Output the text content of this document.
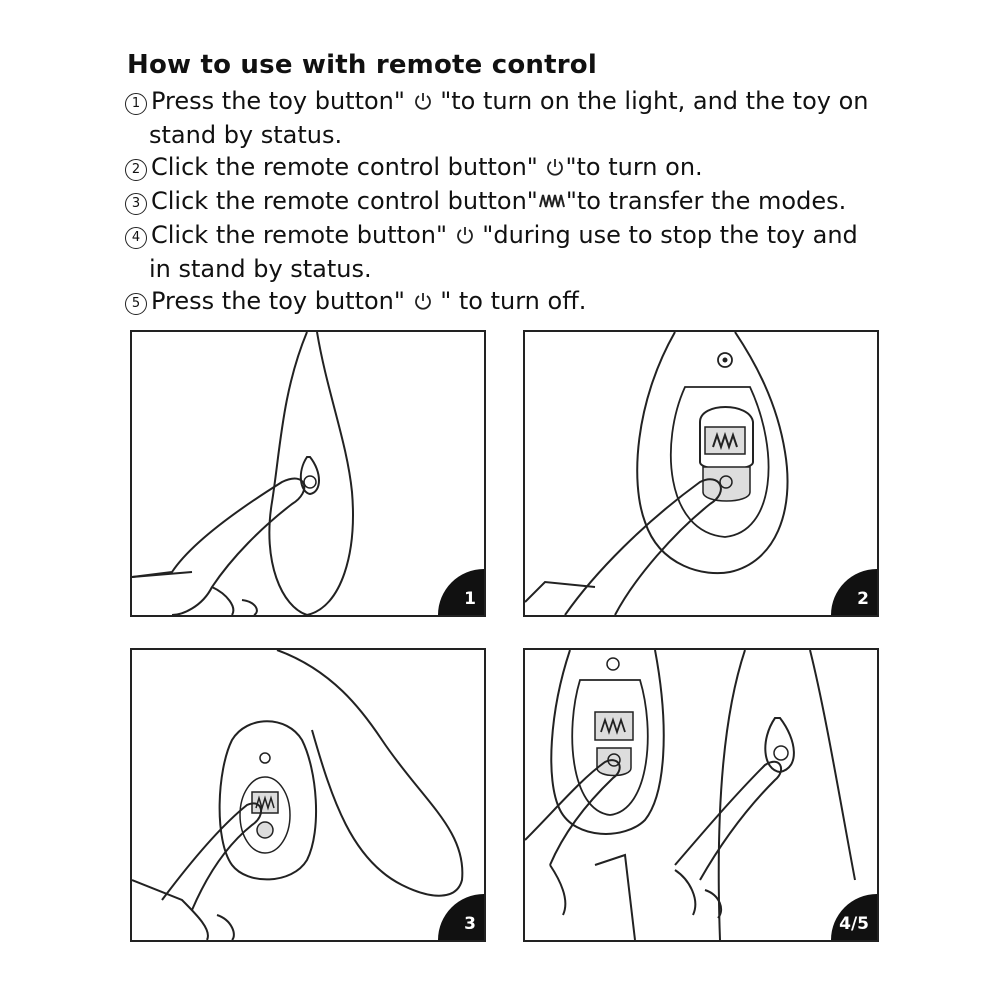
How to use with remote control
1 Press the toy button" "to turn on the light, and the toy on
stand by status.
2 Click the remote control button" "to turn on.
3 Click the remote control button" "to transfer the modes.
4 Click the remote button" "during use to stop the toy and
in stand by status.
5 Press the toy button" " to turn off.
1	2
3	4/5
